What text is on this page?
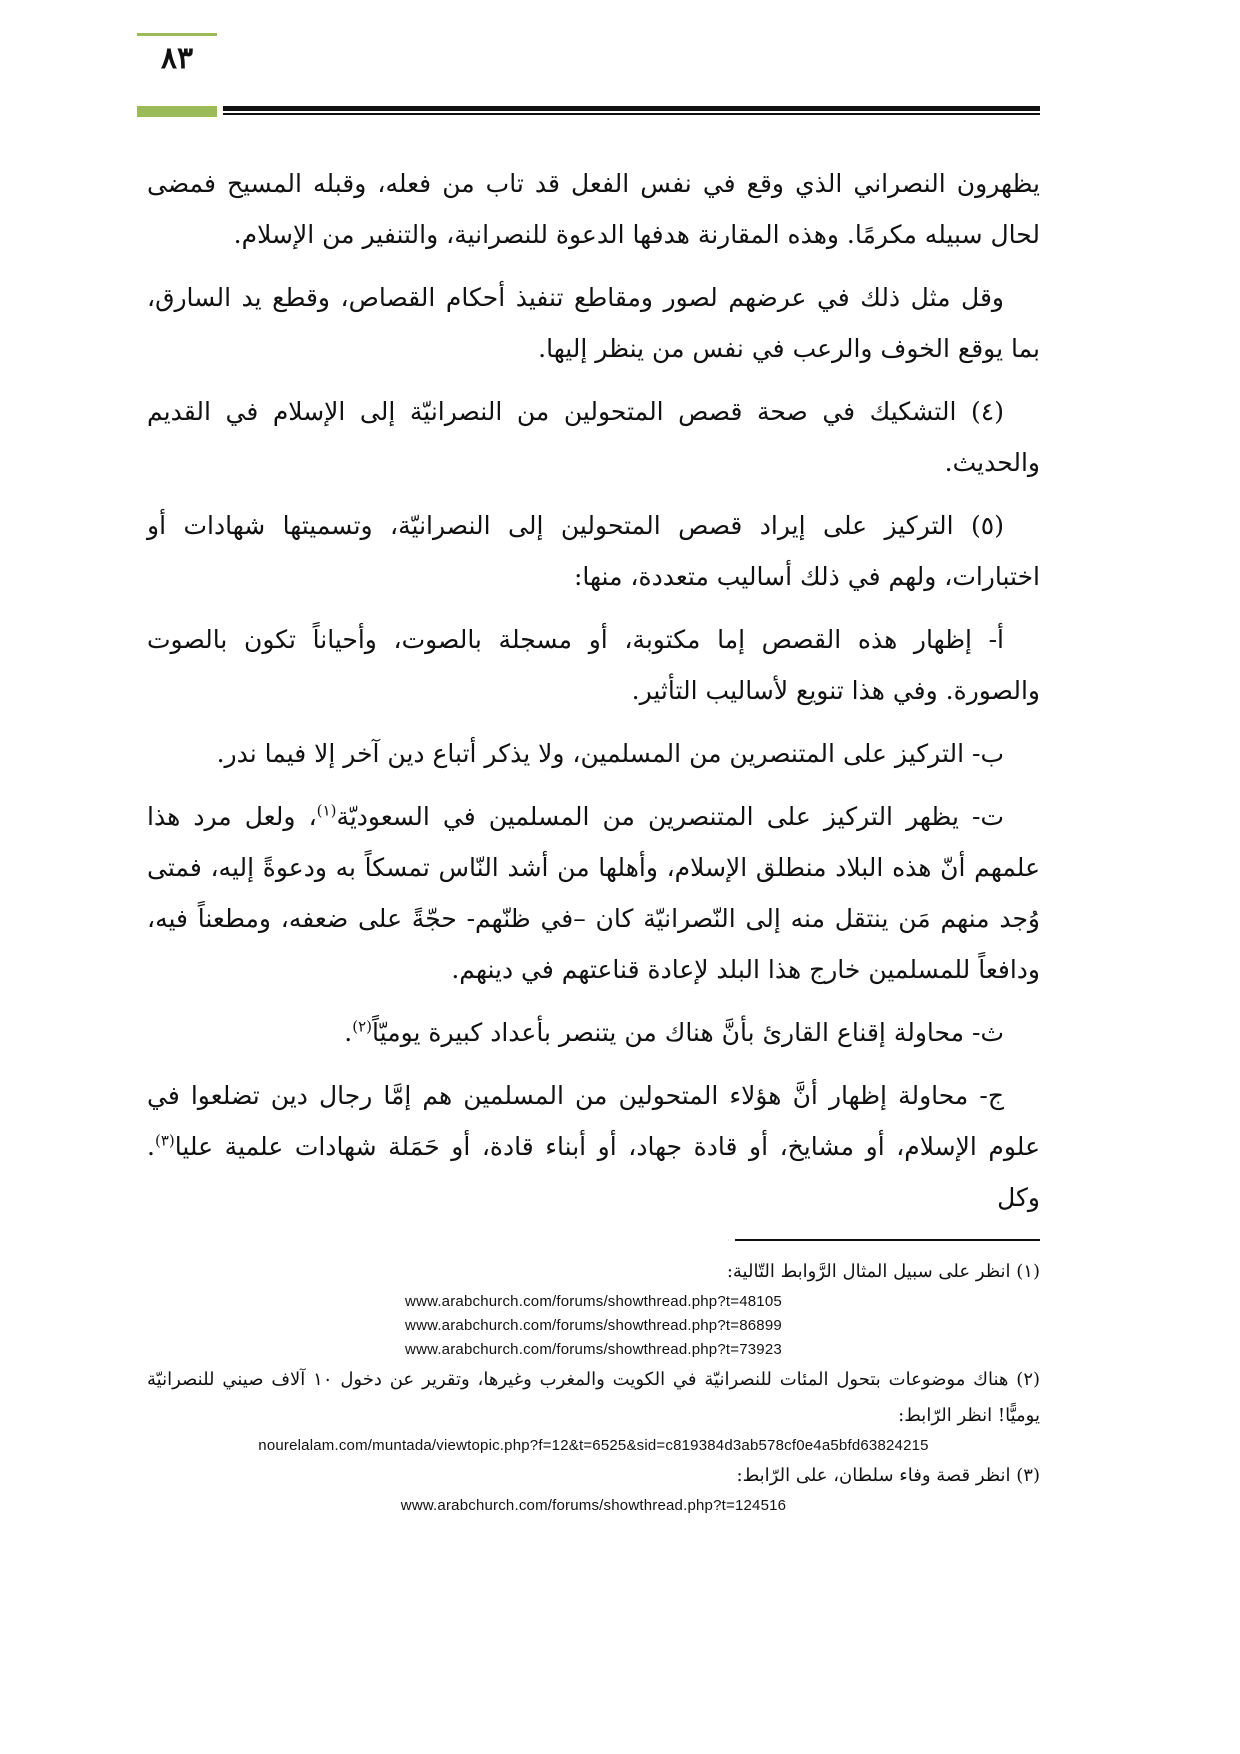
٨٣

يظهرون النصراني الذي وقع في نفس الفعل قد تاب من فعله، وقبله المسيح فمضى لحال سبيله مكرمًا. وهذه المقارنة هدفها الدعوة للنصرانية، والتنفير من الإسلام.

وقل مثل ذلك في عرضهم لصور ومقاطع تنفيذ أحكام القصاص، وقطع يد السارق، بما يوقع الخوف والرعب في نفس من ينظر إليها.

(٤) التشكيك في صحة قصص المتحولين من النصرانيّة إلى الإسلام في القديم والحديث.

(٥) التركيز على إيراد قصص المتحولين إلى النصرانيّة، وتسميتها شهادات أو اختبارات، ولهم في ذلك أساليب متعددة، منها:

أ- إظهار هذه القصص إما مكتوبة، أو مسجلة بالصوت، وأحياناً تكون بالصوت والصورة. وفي هذا تنويع لأساليب التأثير.

ب- التركيز على المتنصرين من المسلمين، ولا يذكر أتباع دين آخر إلا فيما ندر.

ت- يظهر التركيز على المتنصرين من المسلمين في السعوديّة$^{(١)}$، ولعل مرد هذا علمهم أنّ هذه البلاد منطلق الإسلام، وأهلها من أشد النّاس تمسكاً به ودعوةً إليه، فمتى وُجد منهم مَن ينتقل منه إلى النّصرانيّة كان –في ظنّهم- حجّةً على ضعفه، ومطعناً فيه، ودافعاً للمسلمين خارج هذا البلد لإعادة قناعتهم في دينهم.

ث- محاولة إقناع القارئ بأنَّ هناك من يتنصر بأعداد كبيرة يوميّاً$^{(٢)}$.

ج- محاولة إظهار أنَّ هؤلاء المتحولين من المسلمين هم إمَّا رجال دين تضلعوا في علوم الإسلام، أو مشايخ، أو قادة جهاد، أو أبناء قادة، أو حَمَلة شهادات علمية عليا$^{(٣)}$. وكل

(١) انظر على سبيل المثال الرَّوابط التّالية:
www.arabchurch.com/forums/showthread.php?t=48105
www.arabchurch.com/forums/showthread.php?t=86899
www.arabchurch.com/forums/showthread.php?t=73923
(٢) هناك موضوعات بتحول المئات للنصرانيّة في الكويت والمغرب وغيرها، وتقرير عن دخول ١٠ آلاف صيني للنصرانيّة يوميًّا! انظر الرّابط:
nourelalam.com/muntada/viewtopic.php?f=12&t=6525&sid=c819384d3ab578cf0e4a5bfd63824215
(٣) انظر قصة وفاء سلطان، على الرّابط:
www.arabchurch.com/forums/showthread.php?t=124516
